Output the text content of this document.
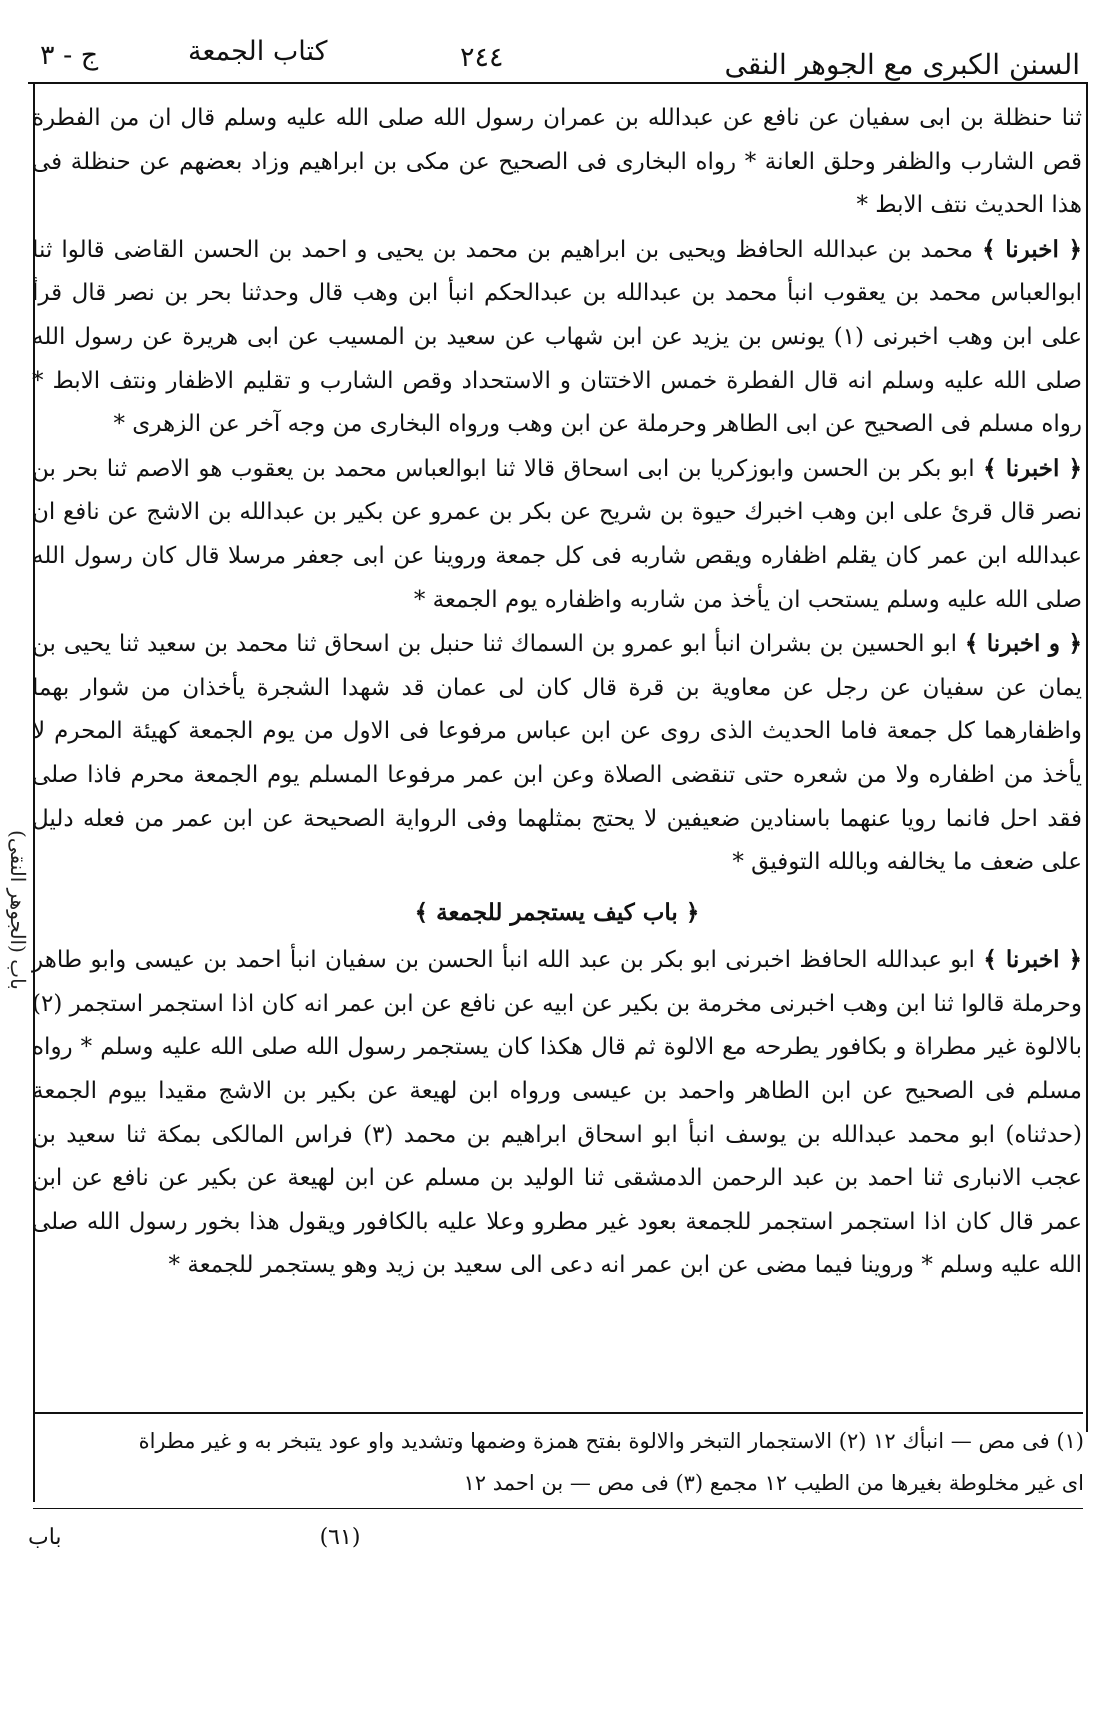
ج - ٣	كتاب الجمعة	٢٤٤	السنن الكبرى مع الجوهر النقى
(الجوهر النقى) باب

ثنا حنظلة بن ابى سفيان عن نافع عن عبدالله بن عمران رسول الله صلى الله عليه وسلم قال ان من الفطرة قص الشارب والظفر وحلق العانة * رواه البخارى فى الصحيح عن مكى بن ابراهيم وزاد بعضهم عن حنظلة فى هذا الحديث نتف الابط *

﴿ اخبرنا ﴾ محمد بن عبدالله الحافظ ويحيى بن ابراهيم بن محمد بن يحيى و احمد بن الحسن القاضى قالوا ثنا ابوالعباس محمد بن يعقوب انبأ محمد بن عبدالله بن عبدالحكم انبأ ابن وهب قال وحدثنا بحر بن نصر قال قرأ على ابن وهب اخبرنى (١) يونس بن يزيد عن ابن شهاب عن سعيد بن المسيب عن ابى هريرة عن رسول الله صلى الله عليه وسلم انه قال الفطرة خمس الاختتان و الاستحداد وقص الشارب و تقليم الاظفار ونتف الابط * رواه مسلم فى الصحيح عن ابى الطاهر وحرملة عن ابن وهب ورواه البخارى من وجه آخر عن الزهرى *

﴿ اخبرنا ﴾ ابو بكر بن الحسن وابوزكريا بن ابى اسحاق قالا ثنا ابوالعباس محمد بن يعقوب هو الاصم ثنا بحر بن نصر قال قرئ على ابن وهب اخبرك حيوة بن شريح عن بكر بن عمرو عن بكير بن عبدالله بن الاشج عن نافع ان عبدالله ابن عمر كان يقلم اظفاره ويقص شاربه فى كل جمعة وروينا عن ابى جعفر مرسلا قال كان رسول الله صلى الله عليه وسلم يستحب ان يأخذ من شاربه واظفاره يوم الجمعة *

﴿ و اخبرنا ﴾ ابو الحسين بن بشران انبأ ابو عمرو بن السماك ثنا حنبل بن اسحاق ثنا محمد بن سعيد ثنا يحيى بن يمان عن سفيان عن رجل عن معاوية بن قرة قال كان لى عمان قد شهدا الشجرة يأخذان من شوار بهما واظفارهما كل جمعة فاما الحديث الذى روى عن ابن عباس مرفوعا فى الاول من يوم الجمعة كهيئة المحرم لا يأخذ من اظفاره ولا من شعره حتى تنقضى الصلاة وعن ابن عمر مرفوعا المسلم يوم الجمعة محرم فاذا صلى فقد احل فانما رويا عنهما باسنادين ضعيفين لا يحتج بمثلهما وفى الرواية الصحيحة عن ابن عمر من فعله دليل على ضعف ما يخالفه وبالله التوفيق *

﴿ باب كيف يستجمر للجمعة ﴾

﴿ اخبرنا ﴾ ابو عبدالله الحافظ اخبرنى ابو بكر بن عبد الله انبأ الحسن بن سفيان انبأ احمد بن عيسى وابو طاهر وحرملة قالوا ثنا ابن وهب اخبرنى مخرمة بن بكير عن ابيه عن نافع عن ابن عمر انه كان اذا استجمر استجمر (٢) بالالوة غير مطراة و بكافور يطرحه مع الالوة ثم قال هكذا كان يستجمر رسول الله صلى الله عليه وسلم * رواه مسلم فى الصحيح عن ابن الطاهر واحمد بن عيسى ورواه ابن لهيعة عن بكير بن الاشج مقيدا بيوم الجمعة (حدثناه) ابو محمد عبدالله بن يوسف انبأ ابو اسحاق ابراهيم بن محمد (٣) فراس المالكى بمكة ثنا سعيد بن عجب الانبارى ثنا احمد بن عبد الرحمن الدمشقى ثنا الوليد بن مسلم عن ابن لهيعة عن بكير عن نافع عن ابن عمر قال كان اذا استجمر استجمر للجمعة بعود غير مطرو وعلا عليه بالكافور ويقول هذا بخور رسول الله صلى الله عليه وسلم * وروينا فيما مضى عن ابن عمر انه دعى الى سعيد بن زيد وهو يستجمر للجمعة *

(١) فى مص — انبأك ١٢ (٢) الاستجمار التبخر والالوة بفتح همزة وضمها وتشديد واو عود يتبخر به و غير مطراة

اى غير مخلوطة بغيرها من الطيب ١٢ مجمع (٣) فى مص — بن احمد ١٢

(٦١)
باب
